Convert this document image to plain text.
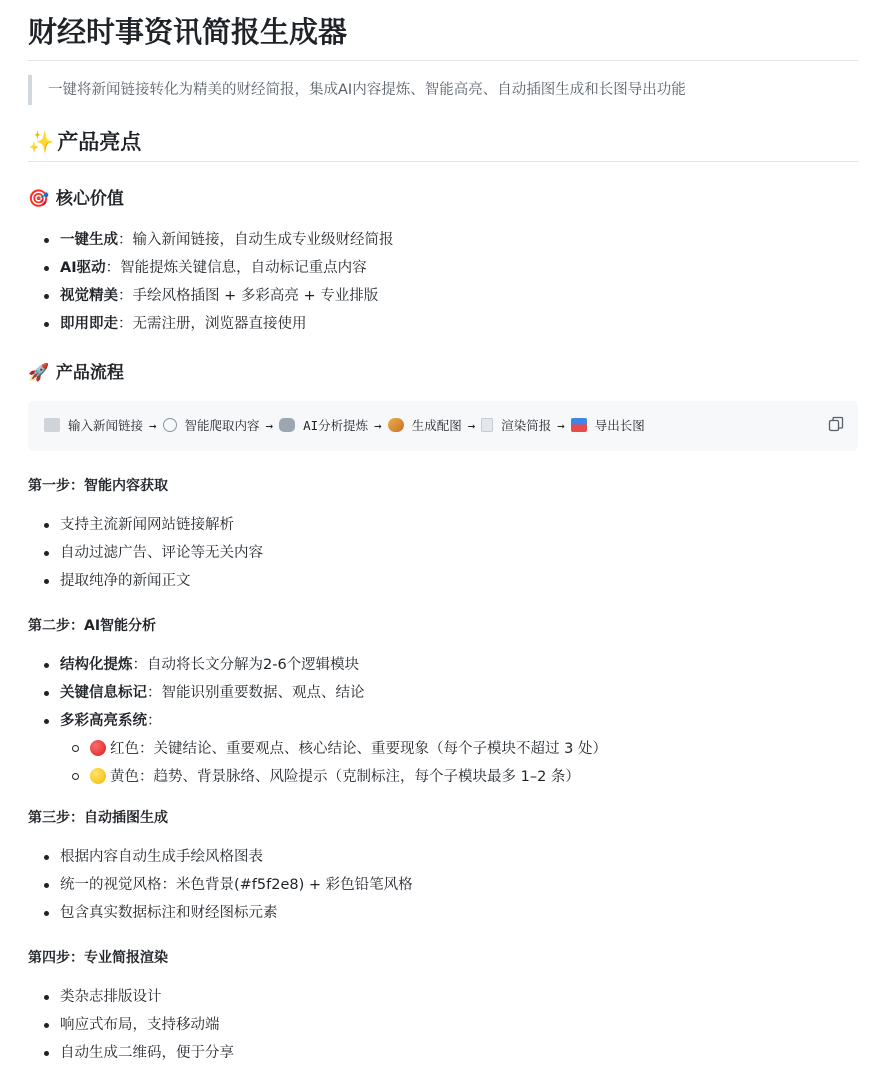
财经时事资讯简报生成器
一键将新闻链接转化为精美的财经简报，集成AI内容提炼、智能高亮、自动插图生成和长图导出功能
✨ 产品亮点
🎯 核心价值
一键生成：输入新闻链接，自动生成专业级财经简报
AI驱动：智能提炼关键信息，自动标记重点内容
视觉精美：手绘风格插图 + 多彩高亮 + 专业排版
即用即走：无需注册，浏览器直接使用
🚀 产品流程
输入新闻链接 → 智能爬取内容 → AI分析提炼 → 生成配图 → 渲染简报 → 导出长图
第一步：智能内容获取
支持主流新闻网站链接解析
自动过滤广告、评论等无关内容
提取纯净的新闻正文
第二步：AI智能分析
结构化提炼：自动将长文分解为2-6个逻辑模块
关键信息标记：智能识别重要数据、观点、结论
多彩高亮系统：
红色：关键结论、重要观点、核心结论、重要现象（每个子模块不超过 3 处）
黄色：趋势、背景脉络、风险提示（克制标注，每个子模块最多 1–2 条）
第三步：自动插图生成
根据内容自动生成手绘风格图表
统一的视觉风格：米色背景(#f5f2e8) + 彩色铅笔风格
包含真实数据标注和财经图标元素
第四步：专业简报渲染
类杂志排版设计
响应式布局，支持移动端
自动生成二维码，便于分享
